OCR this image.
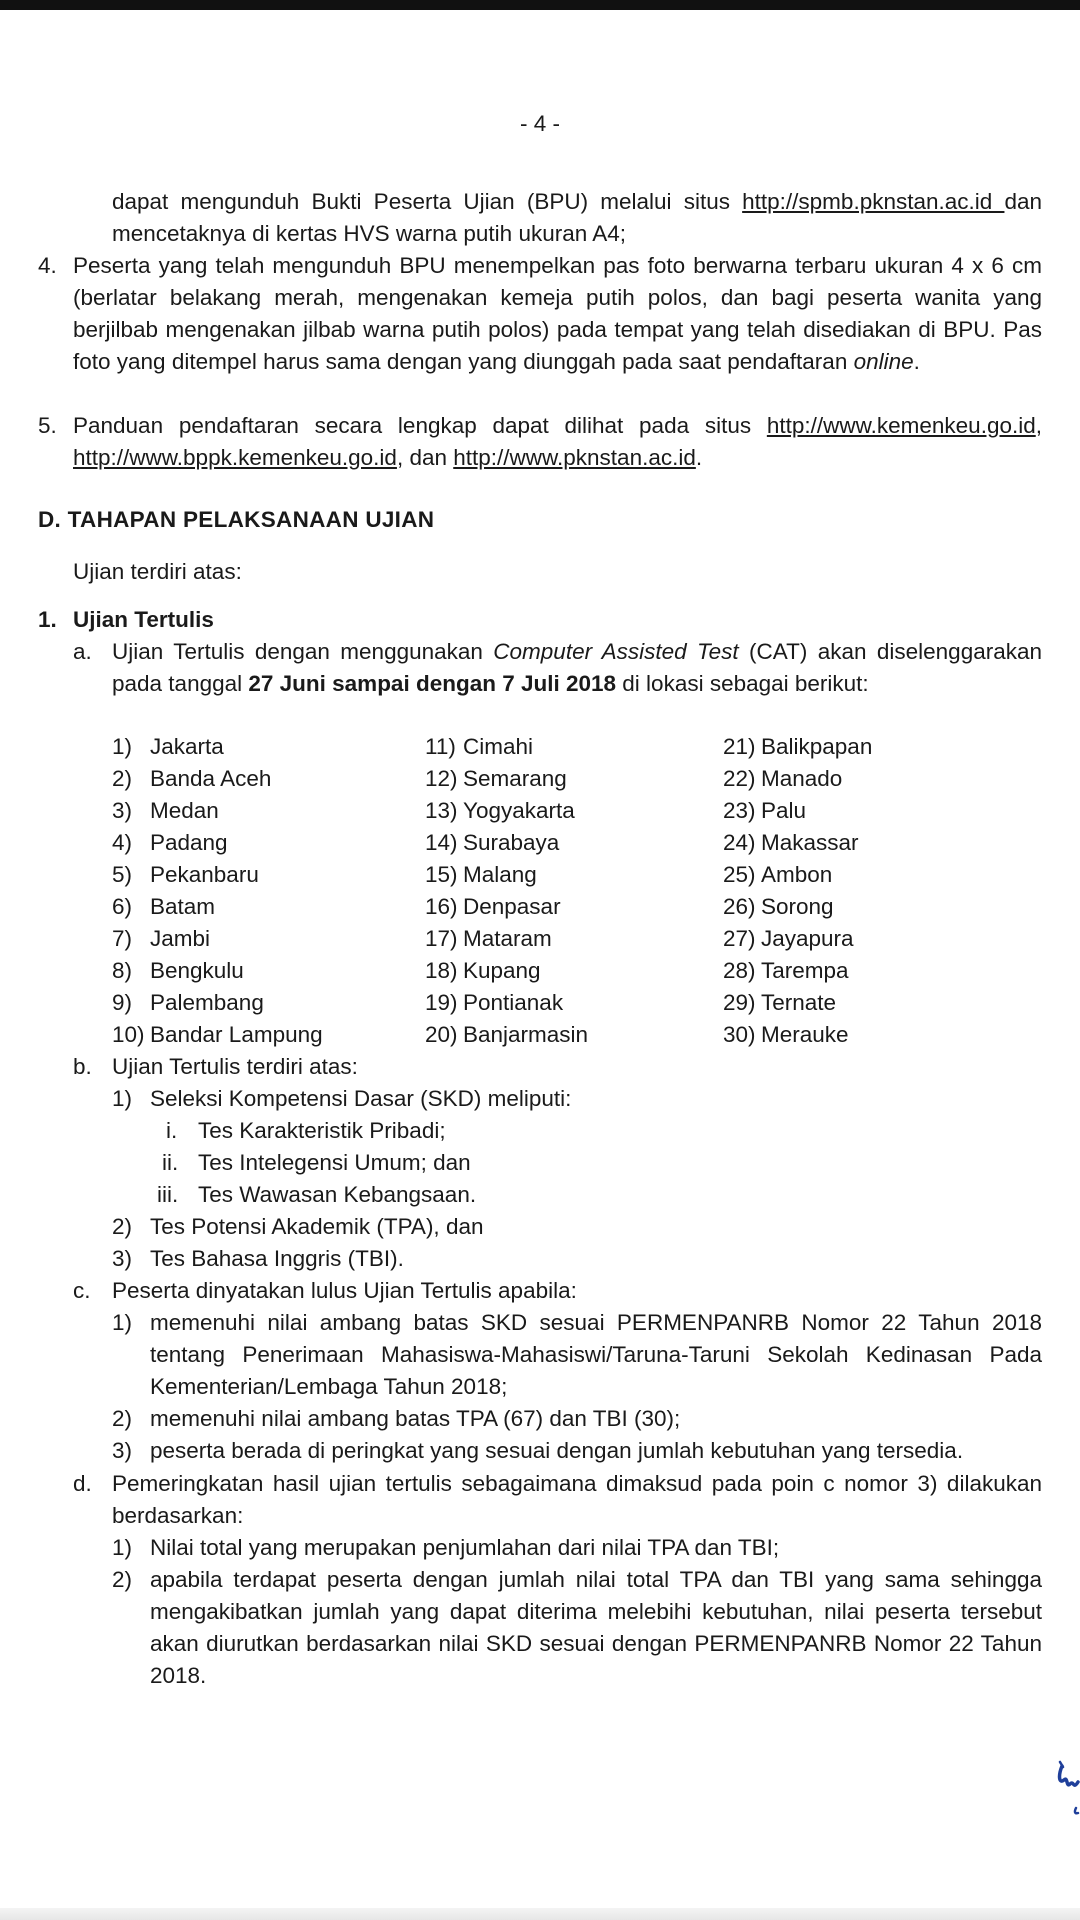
- 4 -
dapat mengunduh Bukti Peserta Ujian (BPU) melalui situs http://spmb.pknstan.ac.id dan mencetaknya di kertas HVS warna putih ukuran A4;
4. Peserta yang telah mengunduh BPU menempelkan pas foto berwarna terbaru ukuran 4 x 6 cm (berlatar belakang merah, mengenakan kemeja putih polos, dan bagi peserta wanita yang berjilbab mengenakan jilbab warna putih polos) pada tempat yang telah disediakan di BPU. Pas foto yang ditempel harus sama dengan yang diunggah pada saat pendaftaran online.
5. Panduan pendaftaran secara lengkap dapat dilihat pada situs http://www.kemenkeu.go.id, http://www.bppk.kemenkeu.go.id, dan http://www.pknstan.ac.id.
D. TAHAPAN PELAKSANAAN UJIAN
Ujian terdiri atas:
1. Ujian Tertulis
a. Ujian Tertulis dengan menggunakan Computer Assisted Test (CAT) akan diselenggarakan pada tanggal 27 Juni sampai dengan 7 Juli 2018 di lokasi sebagai berikut:
1) Jakarta
2) Banda Aceh
3) Medan
4) Padang
5) Pekanbaru
6) Batam
7) Jambi
8) Bengkulu
9) Palembang
10) Bandar Lampung
11) Cimahi
12) Semarang
13) Yogyakarta
14) Surabaya
15) Malang
16) Denpasar
17) Mataram
18) Kupang
19) Pontianak
20) Banjarmasin
21) Balikpapan
22) Manado
23) Palu
24) Makassar
25) Ambon
26) Sorong
27) Jayapura
28) Tarempa
29) Ternate
30) Merauke
b. Ujian Tertulis terdiri atas:
1) Seleksi Kompetensi Dasar (SKD) meliputi:
i. Tes Karakteristik Pribadi;
ii. Tes Intelegensi Umum; dan
iii. Tes Wawasan Kebangsaan.
2) Tes Potensi Akademik (TPA), dan
3) Tes Bahasa Inggris (TBI).
c. Peserta dinyatakan lulus Ujian Tertulis apabila:
1) memenuhi nilai ambang batas SKD sesuai PERMENPANRB Nomor 22 Tahun 2018 tentang Penerimaan Mahasiswa-Mahasiswi/Taruna-Taruni Sekolah Kedinasan Pada Kementerian/Lembaga Tahun 2018;
2) memenuhi nilai ambang batas TPA (67) dan TBI (30);
3) peserta berada di peringkat yang sesuai dengan jumlah kebutuhan yang tersedia.
d. Pemeringkatan hasil ujian tertulis sebagaimana dimaksud pada poin c nomor 3) dilakukan berdasarkan:
1) Nilai total yang merupakan penjumlahan dari nilai TPA dan TBI;
2) apabila terdapat peserta dengan jumlah nilai total TPA dan TBI yang sama sehingga mengakibatkan jumlah yang dapat diterima melebihi kebutuhan, nilai peserta tersebut akan diurutkan berdasarkan nilai SKD sesuai dengan PERMENPANRB Nomor 22 Tahun 2018.
